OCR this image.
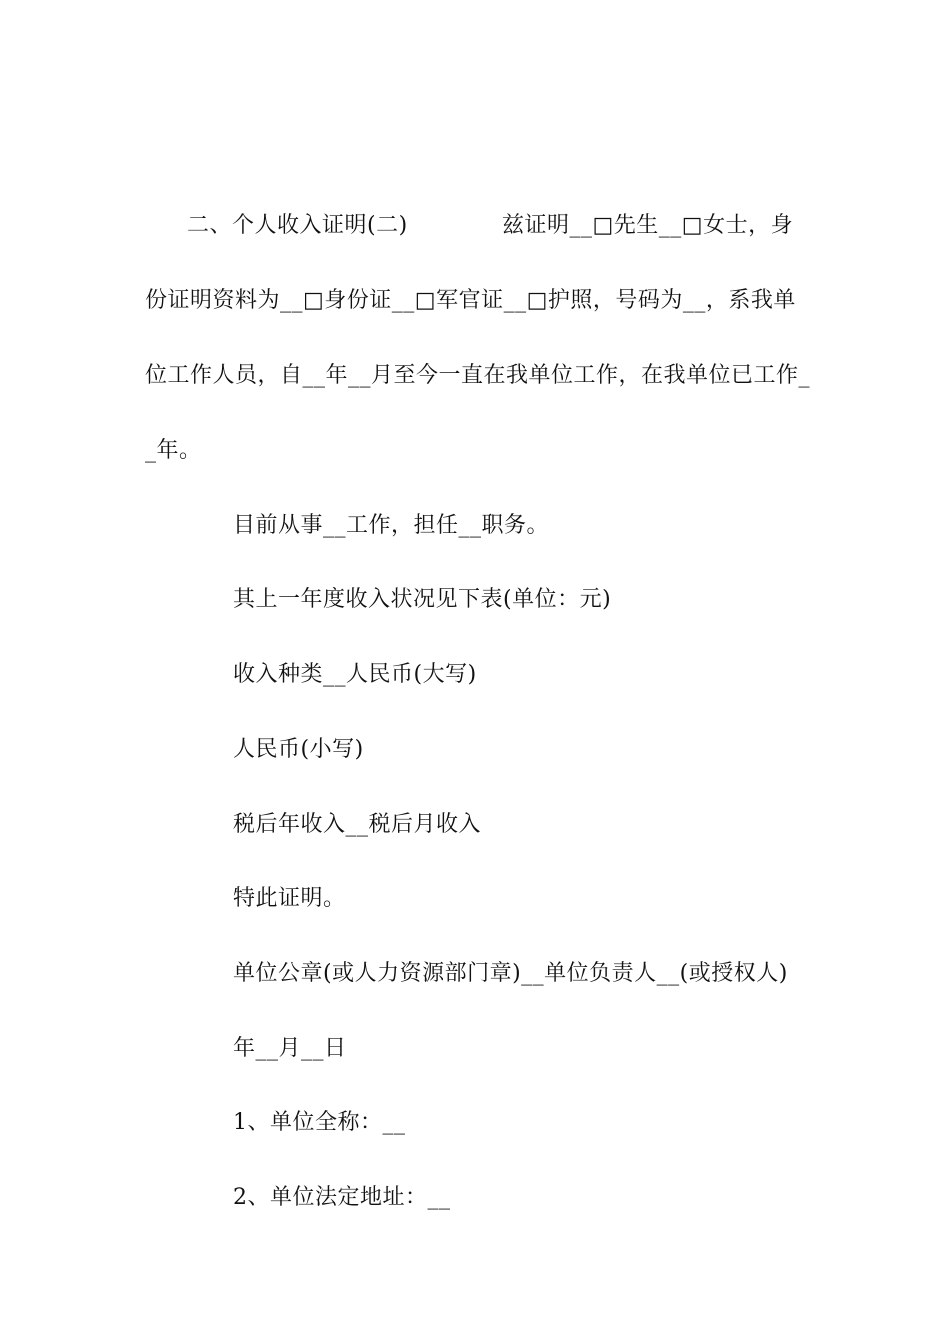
二、个人收入证明(二)	兹证明__□先生__□女士，身
份证明资料为__□身份证__□军官证__□护照，号码为__，系我单
位工作人员，自__年__月至今一直在我单位工作，在我单位已工作_
_年。
目前从事__工作，担任__职务。
其上一年度收入状况见下表(单位：元)
收入种类__人民币(大写)
人民币(小写)
税后年收入__税后月收入
特此证明。
单位公章(或人力资源部门章)__单位负责人__(或授权人)
年__月__日
1、单位全称：__
2、单位法定地址：__
